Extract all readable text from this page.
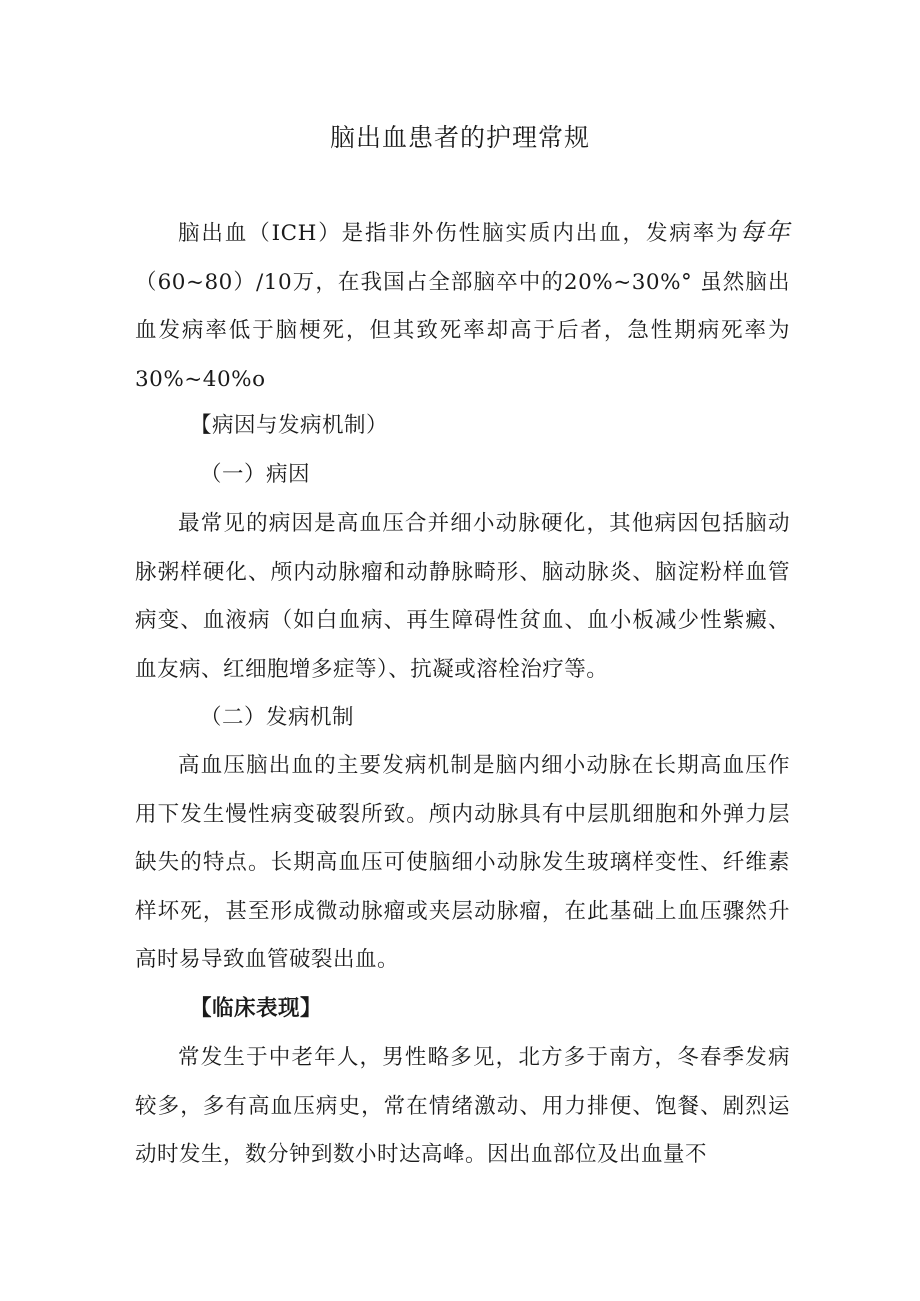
脑出血患者的护理常规
脑出血（ICH）是指非外伤性脑实质内出血，发病率为每年（60~80）/10万，在我国占全部脑卒中的20%~30%° 虽然脑出血发病率低于脑梗死，但其致死率却高于后者，急性期病死率为30%~40%o
【病因与发病机制）
（一）病因
最常见的病因是高血压合并细小动脉硬化，其他病因包括脑动脉粥样硬化、颅内动脉瘤和动静脉畸形、脑动脉炎、脑淀粉样血管病变、血液病（如白血病、再生障碍性贫血、血小板减少性紫癜、血友病、红细胞增多症等）、抗凝或溶栓治疗等。
（二）发病机制
高血压脑出血的主要发病机制是脑内细小动脉在长期高血压作用下发生慢性病变破裂所致。颅内动脉具有中层肌细胞和外弹力层缺失的特点。长期高血压可使脑细小动脉发生玻璃样变性、纤维素样坏死，甚至形成微动脉瘤或夹层动脉瘤，在此基础上血压骤然升高时易导致血管破裂出血。
【临床表现】
常发生于中老年人，男性略多见，北方多于南方，冬春季发病较多，多有高血压病史，常在情绪激动、用力排便、饱餐、剧烈运动时发生，数分钟到数小时达高峰。因出血部位及出血量不
